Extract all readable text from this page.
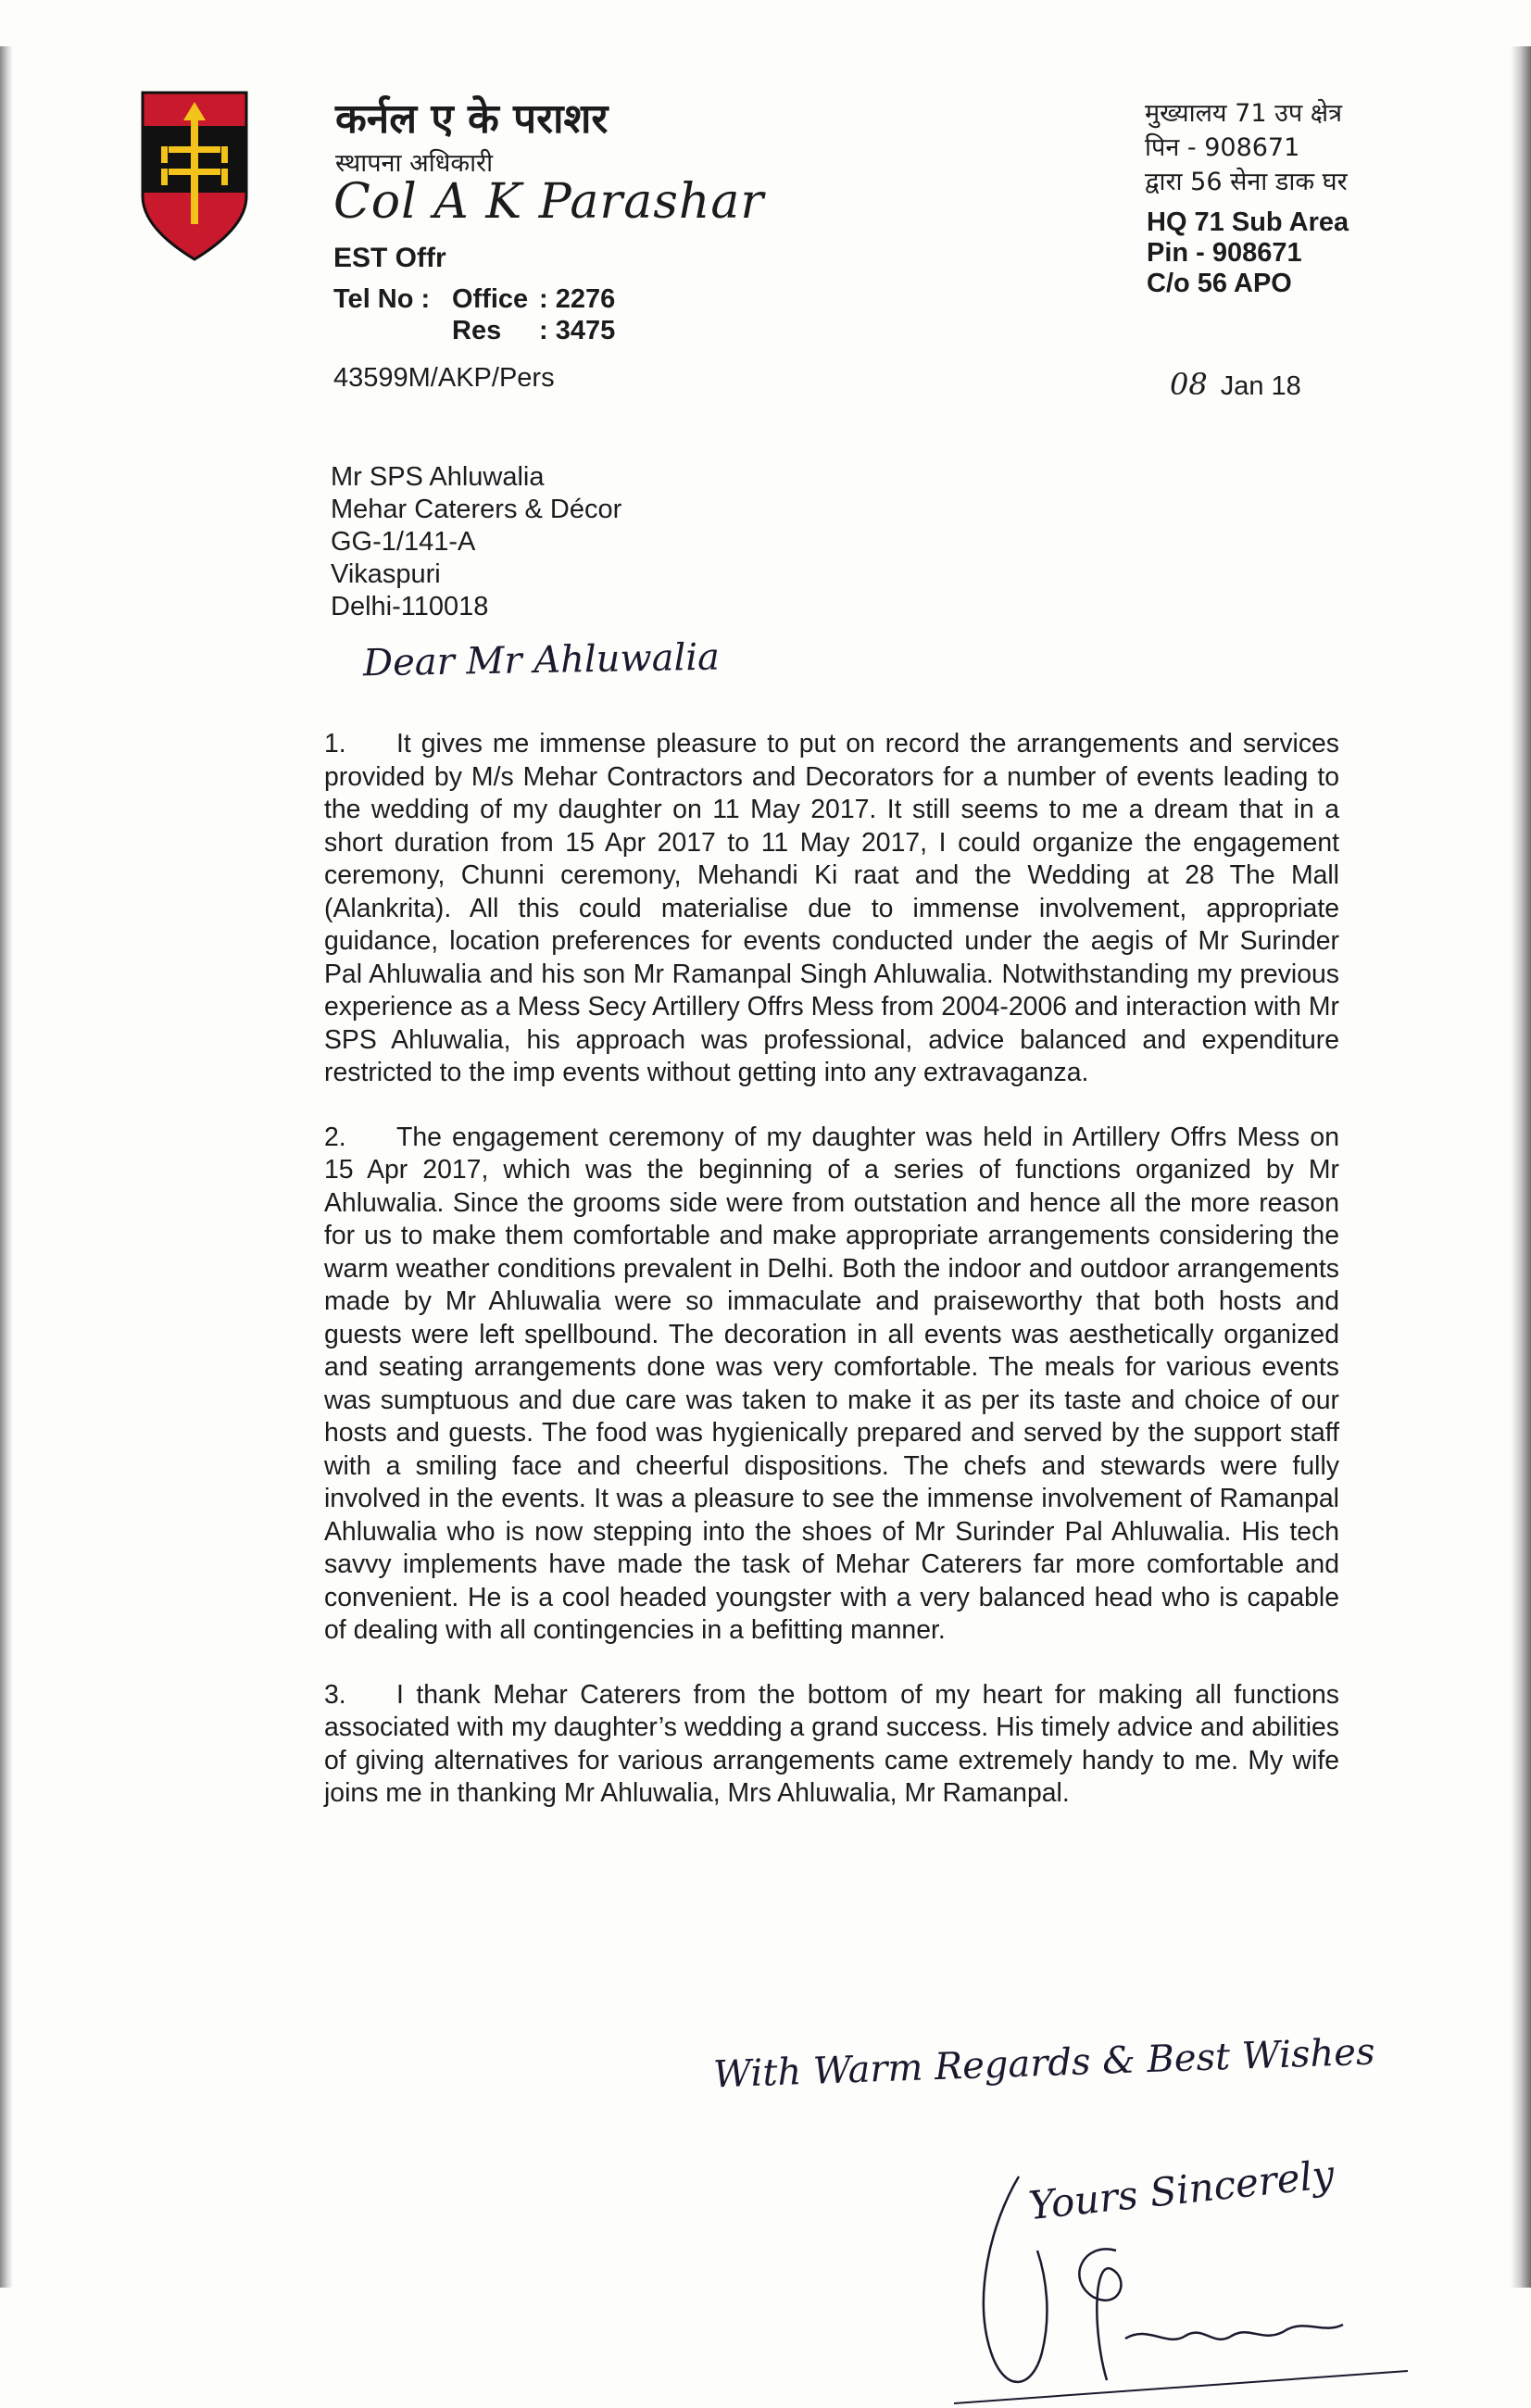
कर्नल ए के पराशर
स्थापना अधिकारी
Col A K Parashar
EST Offr
Tel No : Office : 2276
Res	: 3475
43599M/AKP/Pers
मुख्यालय 71 उप क्षेत्र
पिन - 908671
द्वारा 56 सेना डाक घर
HQ 71 Sub Area
Pin - 908671
C/o 56 APO
08 Jan 18
Mr SPS Ahluwalia
Mehar Caterers & Décor
GG-1/141-A
Vikaspuri
Delhi-110018
Dear Mr Ahluwalia

1. It gives me immense pleasure to put on record the arrangements and services provided by M/s Mehar Contractors and Decorators for a number of events leading to the wedding of my daughter on 11 May 2017. It still seems to me a dream that in a short duration from 15 Apr 2017 to 11 May 2017, I could organize the engagement ceremony, Chunni ceremony, Mehandi Ki raat and the Wedding at 28 The Mall (Alankrita). All this could materialise due to immense involvement, appropriate guidance, location preferences for events conducted under the aegis of Mr Surinder Pal Ahluwalia and his son Mr Ramanpal Singh Ahluwalia. Notwithstanding my previous experience as a Mess Secy Artillery Offrs Mess from 2004-2006 and interaction with Mr SPS Ahluwalia, his approach was professional, advice balanced and expenditure restricted to the imp events without getting into any extravaganza.

2. The engagement ceremony of my daughter was held in Artillery Offrs Mess on 15 Apr 2017, which was the beginning of a series of functions organized by Mr Ahluwalia. Since the grooms side were from outstation and hence all the more reason for us to make them comfortable and make appropriate arrangements considering the warm weather conditions prevalent in Delhi. Both the indoor and outdoor arrangements made by Mr Ahluwalia were so immaculate and praiseworthy that both hosts and guests were left spellbound. The decoration in all events was aesthetically organized and seating arrangements done was very comfortable. The meals for various events was sumptuous and due care was taken to make it as per its taste and choice of our hosts and guests. The food was hygienically prepared and served by the support staff with a smiling face and cheerful dispositions. The chefs and stewards were fully involved in the events. It was a pleasure to see the immense involvement of Ramanpal Ahluwalia who is now stepping into the shoes of Mr Surinder Pal Ahluwalia. His tech savvy implements have made the task of Mehar Caterers far more comfortable and convenient. He is a cool headed youngster with a very balanced head who is capable of dealing with all contingencies in a befitting manner.

3. I thank Mehar Caterers from the bottom of my heart for making all functions associated with my daughter’s wedding a grand success. His timely advice and abilities of giving alternatives for various arrangements came extremely handy to me. My wife joins me in thanking Mr Ahluwalia, Mrs Ahluwalia, Mr Ramanpal.

With Warm Regards & Best Wishes
Yours Sincerely
